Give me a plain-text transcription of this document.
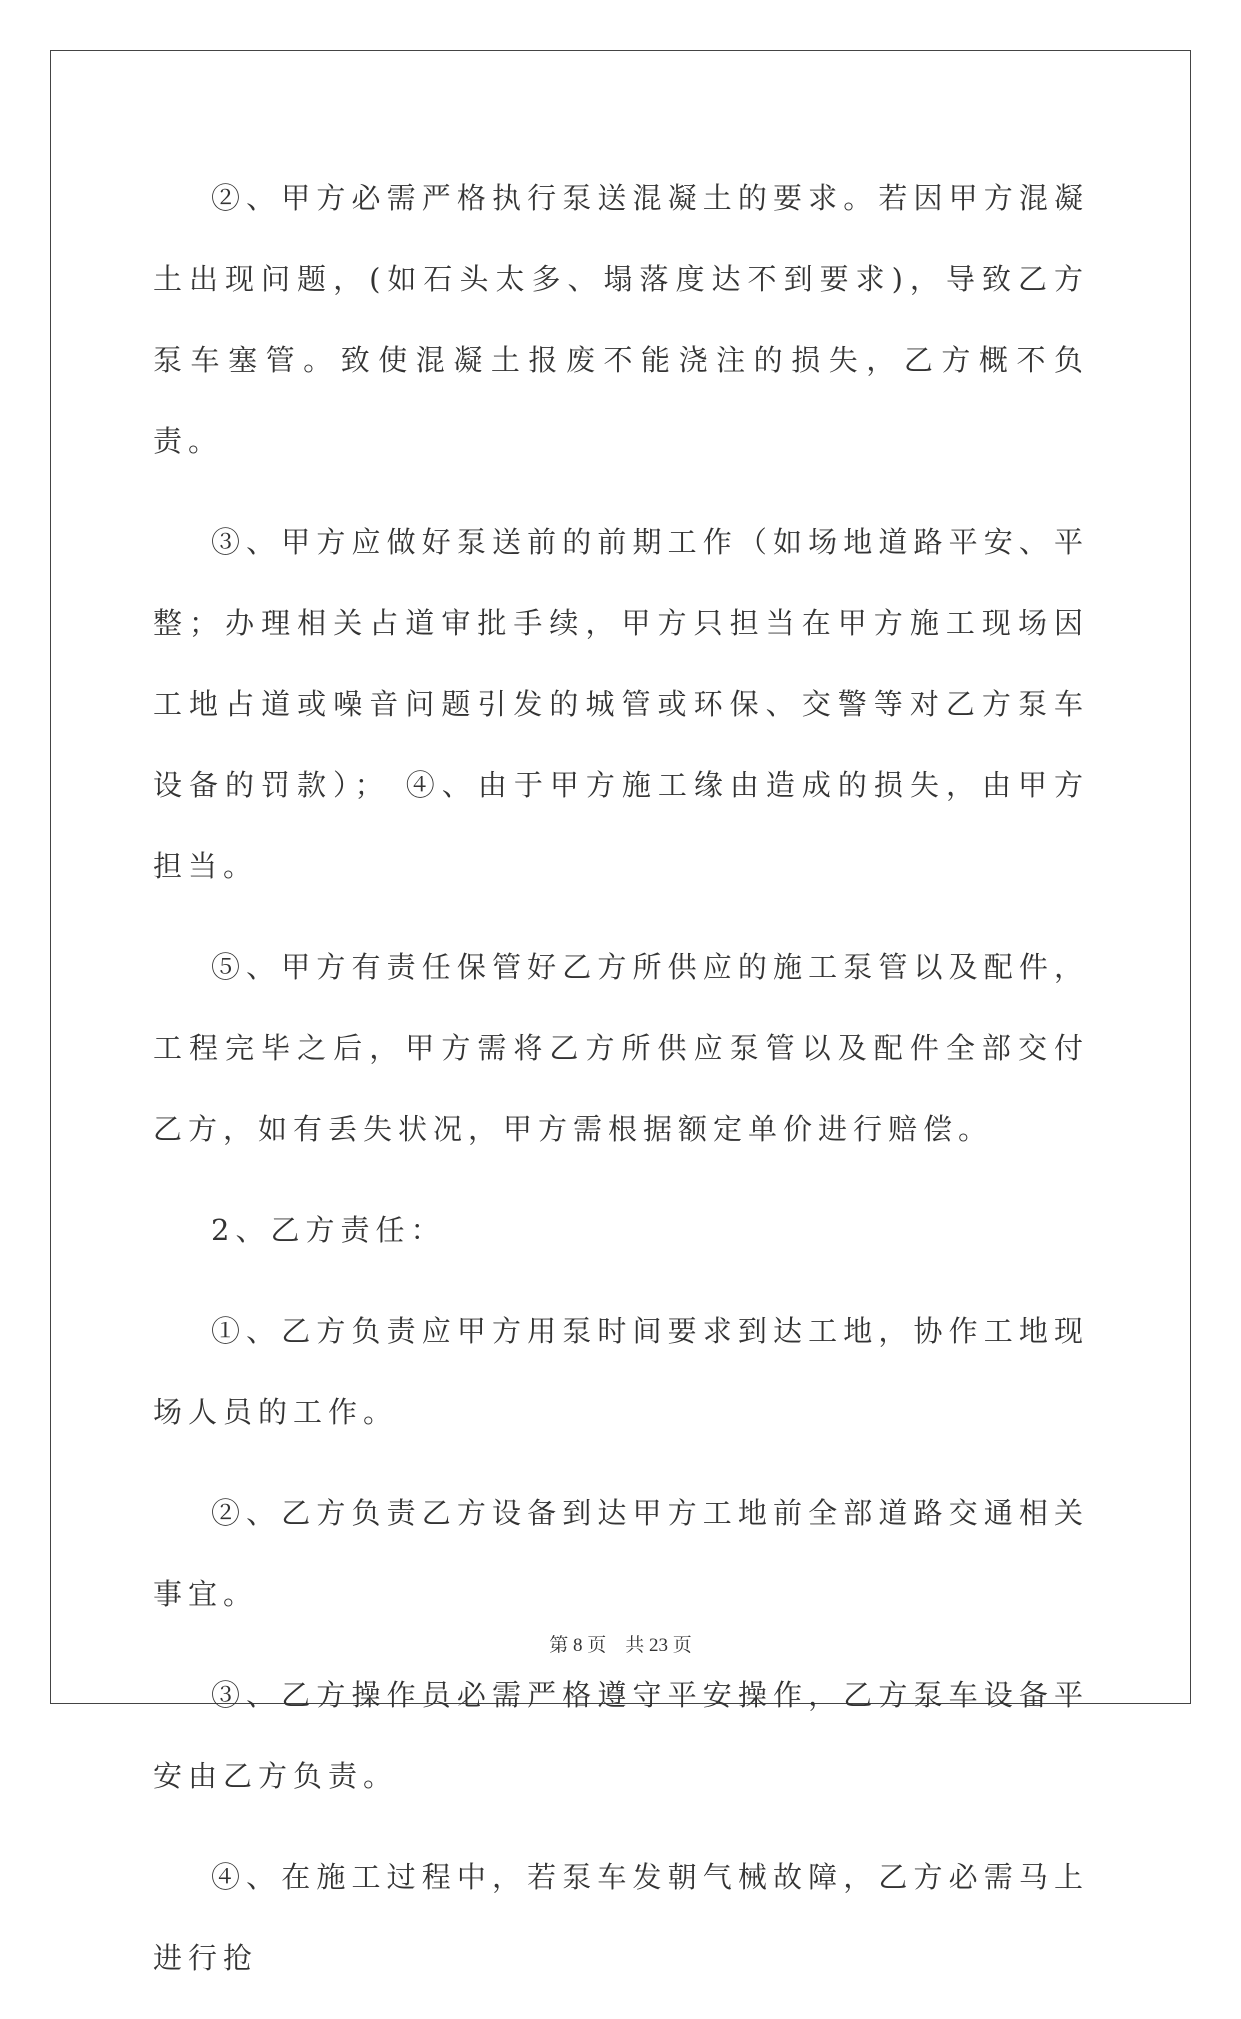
②、甲方必需严格执行泵送混凝土的要求。若因甲方混凝土出现问题，(如石头太多、塌落度达不到要求)，导致乙方泵车塞管。致使混凝土报废不能浇注的损失，乙方概不负责。

③、甲方应做好泵送前的前期工作（如场地道路平安、平整；办理相关占道审批手续，甲方只担当在甲方施工现场因工地占道或噪音问题引发的城管或环保、交警等对乙方泵车设备的罚款）； ④、由于甲方施工缘由造成的损失，由甲方担当。

⑤、甲方有责任保管好乙方所供应的施工泵管以及配件，工程完毕之后，甲方需将乙方所供应泵管以及配件全部交付乙方，如有丢失状况，甲方需根据额定单价进行赔偿。

2、乙方责任：

①、乙方负责应甲方用泵时间要求到达工地，协作工地现场人员的工作。

②、乙方负责乙方设备到达甲方工地前全部道路交通相关事宜。

③、乙方操作员必需严格遵守平安操作，乙方泵车设备平安由乙方负责。

④、在施工过程中，若泵车发朝气械故障，乙方必需马上进行抢

第 8 页    共 23 页
